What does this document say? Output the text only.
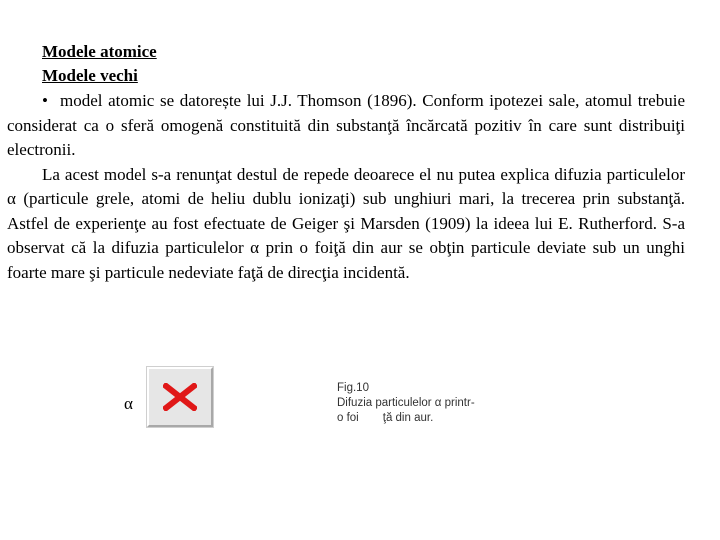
Modele atomice
Modele vechi

• model atomic se datorește lui J.J. Thomson (1896). Conform ipotezei sale, atomul trebuie considerat ca o sferă omogenă constituită din substanţă încărcată pozitiv în care sunt distribuiţi electronii.

La acest model s-a renunţat destul de repede deoarece el nu putea explica difuzia particulelor α (particule grele, atomi de heliu dublu ionizaţi) sub unghiuri mari, la trecerea prin substanţă. Astfel de experienţe au fost efectuate de Geiger şi Marsden (1909) la ideea lui E. Rutherford. S-a observat că la difuzia particulelor α prin o foiţă din aur se obţin particule deviate sub un unghi foarte mare şi particule nedeviate faţă de direcţia incidentă.

α
Fig.10
Difuzia particulelor α printr-
o foi ţă din aur.
